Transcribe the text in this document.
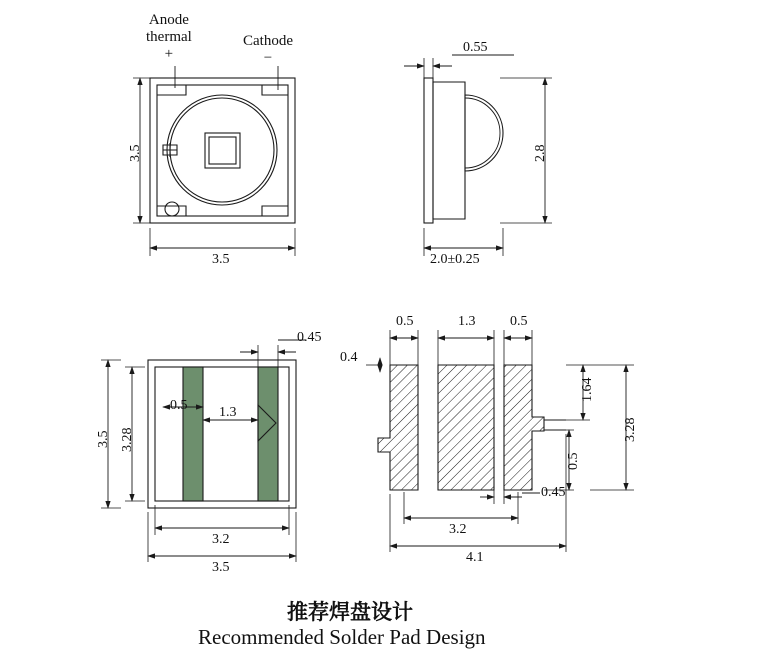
Anode
thermal
+
Cathode
−
3.5
3.5
0.55
2.8
2.0±0.25
0.45
0.5 1.3
3.5 3.28
3.2
3.5
0.5	1.3 0.5
0.4
1.64
0.5
3.28
0.45
3.2
4.1
推荐焊盘设计
Recommended Solder Pad Design
